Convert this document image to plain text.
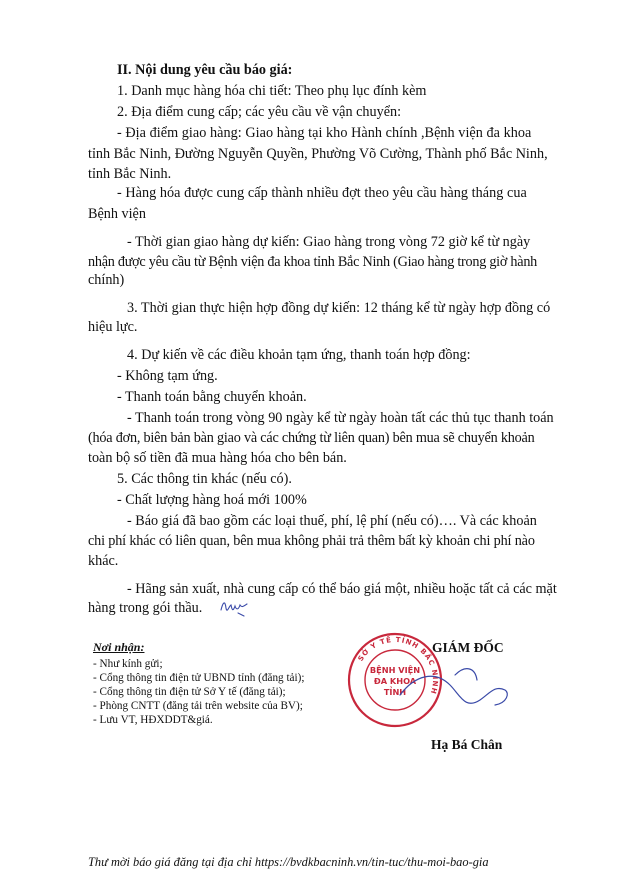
II. Nội dung yêu cầu báo giá:
1. Danh mục hàng hóa chi tiết: Theo phụ lục đính kèm
2. Địa điểm cung cấp; các yêu cầu về vận chuyển:
- Địa điểm giao hàng: Giao hàng tại kho Hành chính ,Bệnh viện đa khoa
tỉnh Bắc Ninh, Đường Nguyễn Quyền, Phường Võ Cường, Thành phố Bắc Ninh,
tỉnh Bắc Ninh.
- Hàng hóa được cung cấp thành nhiều đợt theo yêu cầu hàng tháng cua
Bệnh viện
- Thời gian giao hàng dự kiến: Giao hàng trong vòng 72 giờ kể từ ngày
nhận được yêu cầu từ Bệnh viện đa khoa tỉnh Bắc Ninh (Giao hàng trong giờ hành
chính)
3. Thời gian thực hiện hợp đồng dự kiến: 12 tháng kể từ ngày hợp đồng có
hiệu lực.
4. Dự kiến về các điều khoản tạm ứng, thanh toán hợp đồng:
- Không tạm ứng.
- Thanh toán bằng chuyển khoản.
- Thanh toán trong vòng 90 ngày kể từ ngày hoàn tất các thủ tục thanh toán
(hóa đơn, biên bản bàn giao và các chứng từ liên quan) bên mua sẽ chuyển khoản
toàn bộ số tiền đã mua hàng hóa cho bên bán.
5. Các thông tin khác (nếu có).
- Chất lượng hàng hoá mới 100%
- Báo giá đã bao gồm các loại thuế, phí, lệ phí (nếu có)…. Và các khoản
chi phí khác có liên quan, bên mua không phải trả thêm bất kỳ khoản chi phí nào
khác.
- Hãng sản xuất, nhà cung cấp có thể báo giá một, nhiều hoặc tất cả các mặt
hàng trong gói thầu.
Nơi nhận:
- Như kính gửi;
- Cổng thông tin điện tử UBND tỉnh (đăng tải);
- Cổng thông tin điện tử Sở Y tế (đăng tải);
- Phòng CNTT (đăng tải trên website của BV);
- Lưu VT, HĐXDDT&giá.
GIÁM ĐỐC
SỞ Y TẾ TỈNH BẮC NINH
BỆNH VIỆN
ĐA KHOA
TỈNH
Hạ Bá Chân
Thư mời báo giá đăng tại địa chỉ https://bvdkbacninh.vn/tin-tuc/thu-moi-bao-gia
